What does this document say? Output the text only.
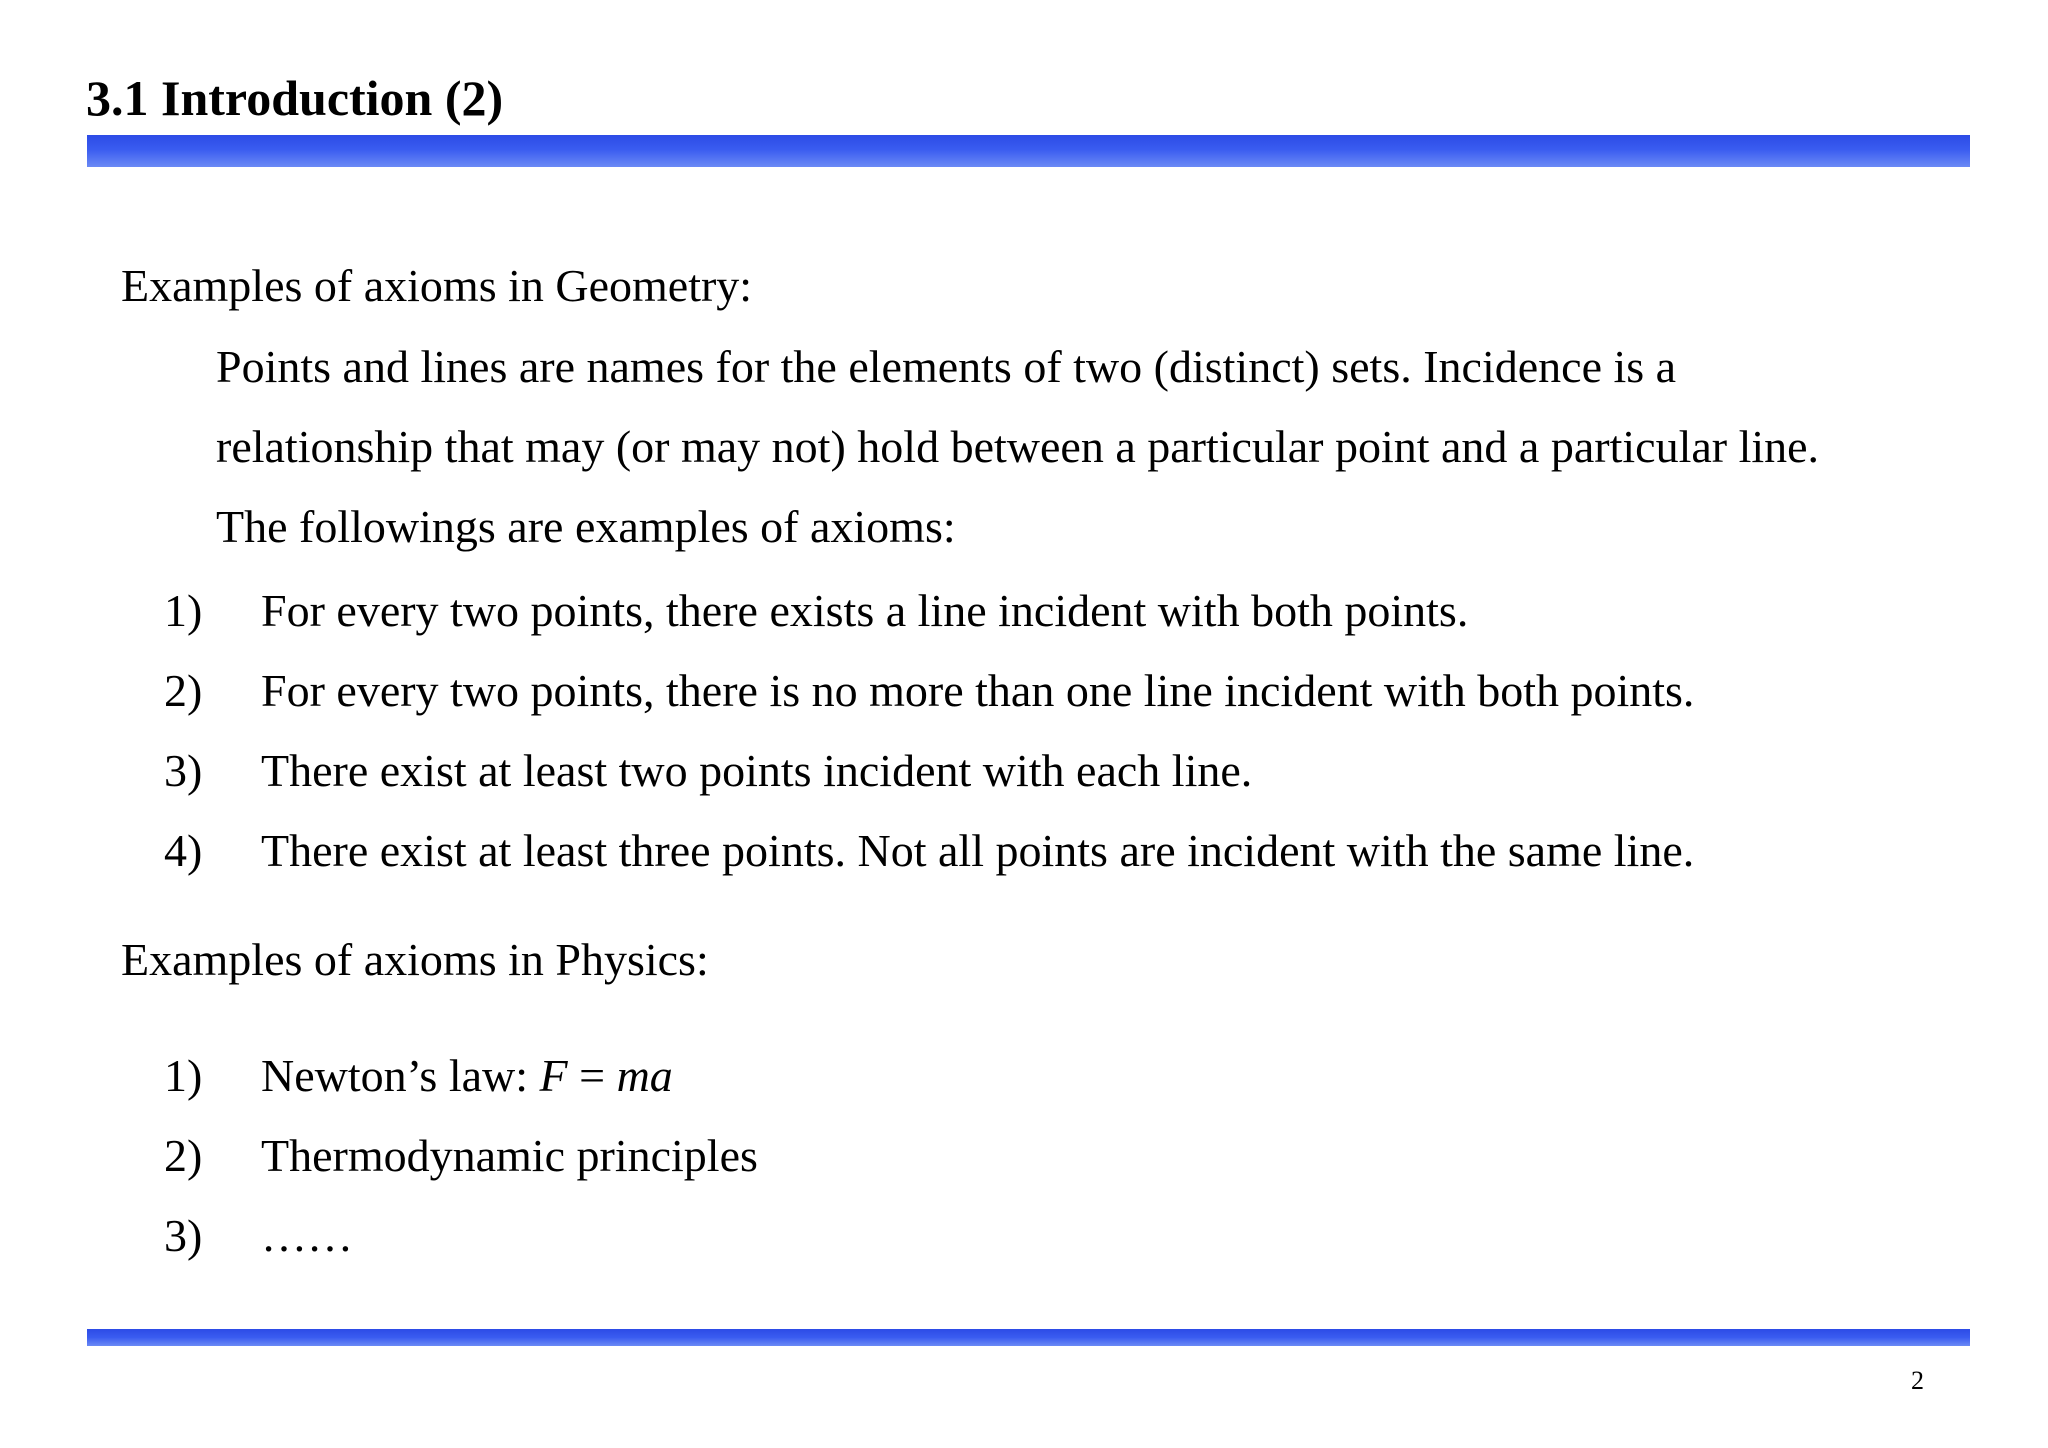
3.1 Introduction (2)
Examples of axioms in Geometry:
Points and lines are names for the elements of two (distinct) sets. Incidence is a
relationship that may (or may not) hold between a particular point and a particular line.
The followings are examples of axioms:
1) For every two points, there exists a line incident with both points.
2) For every two points, there is no more than one line incident with both points.
3) There exist at least two points incident with each line.
4) There exist at least three points. Not all points are incident with the same line.
Examples of axioms in Physics:
1) Newton’s law: F = ma
2) Thermodynamic principles
3) ……
2
